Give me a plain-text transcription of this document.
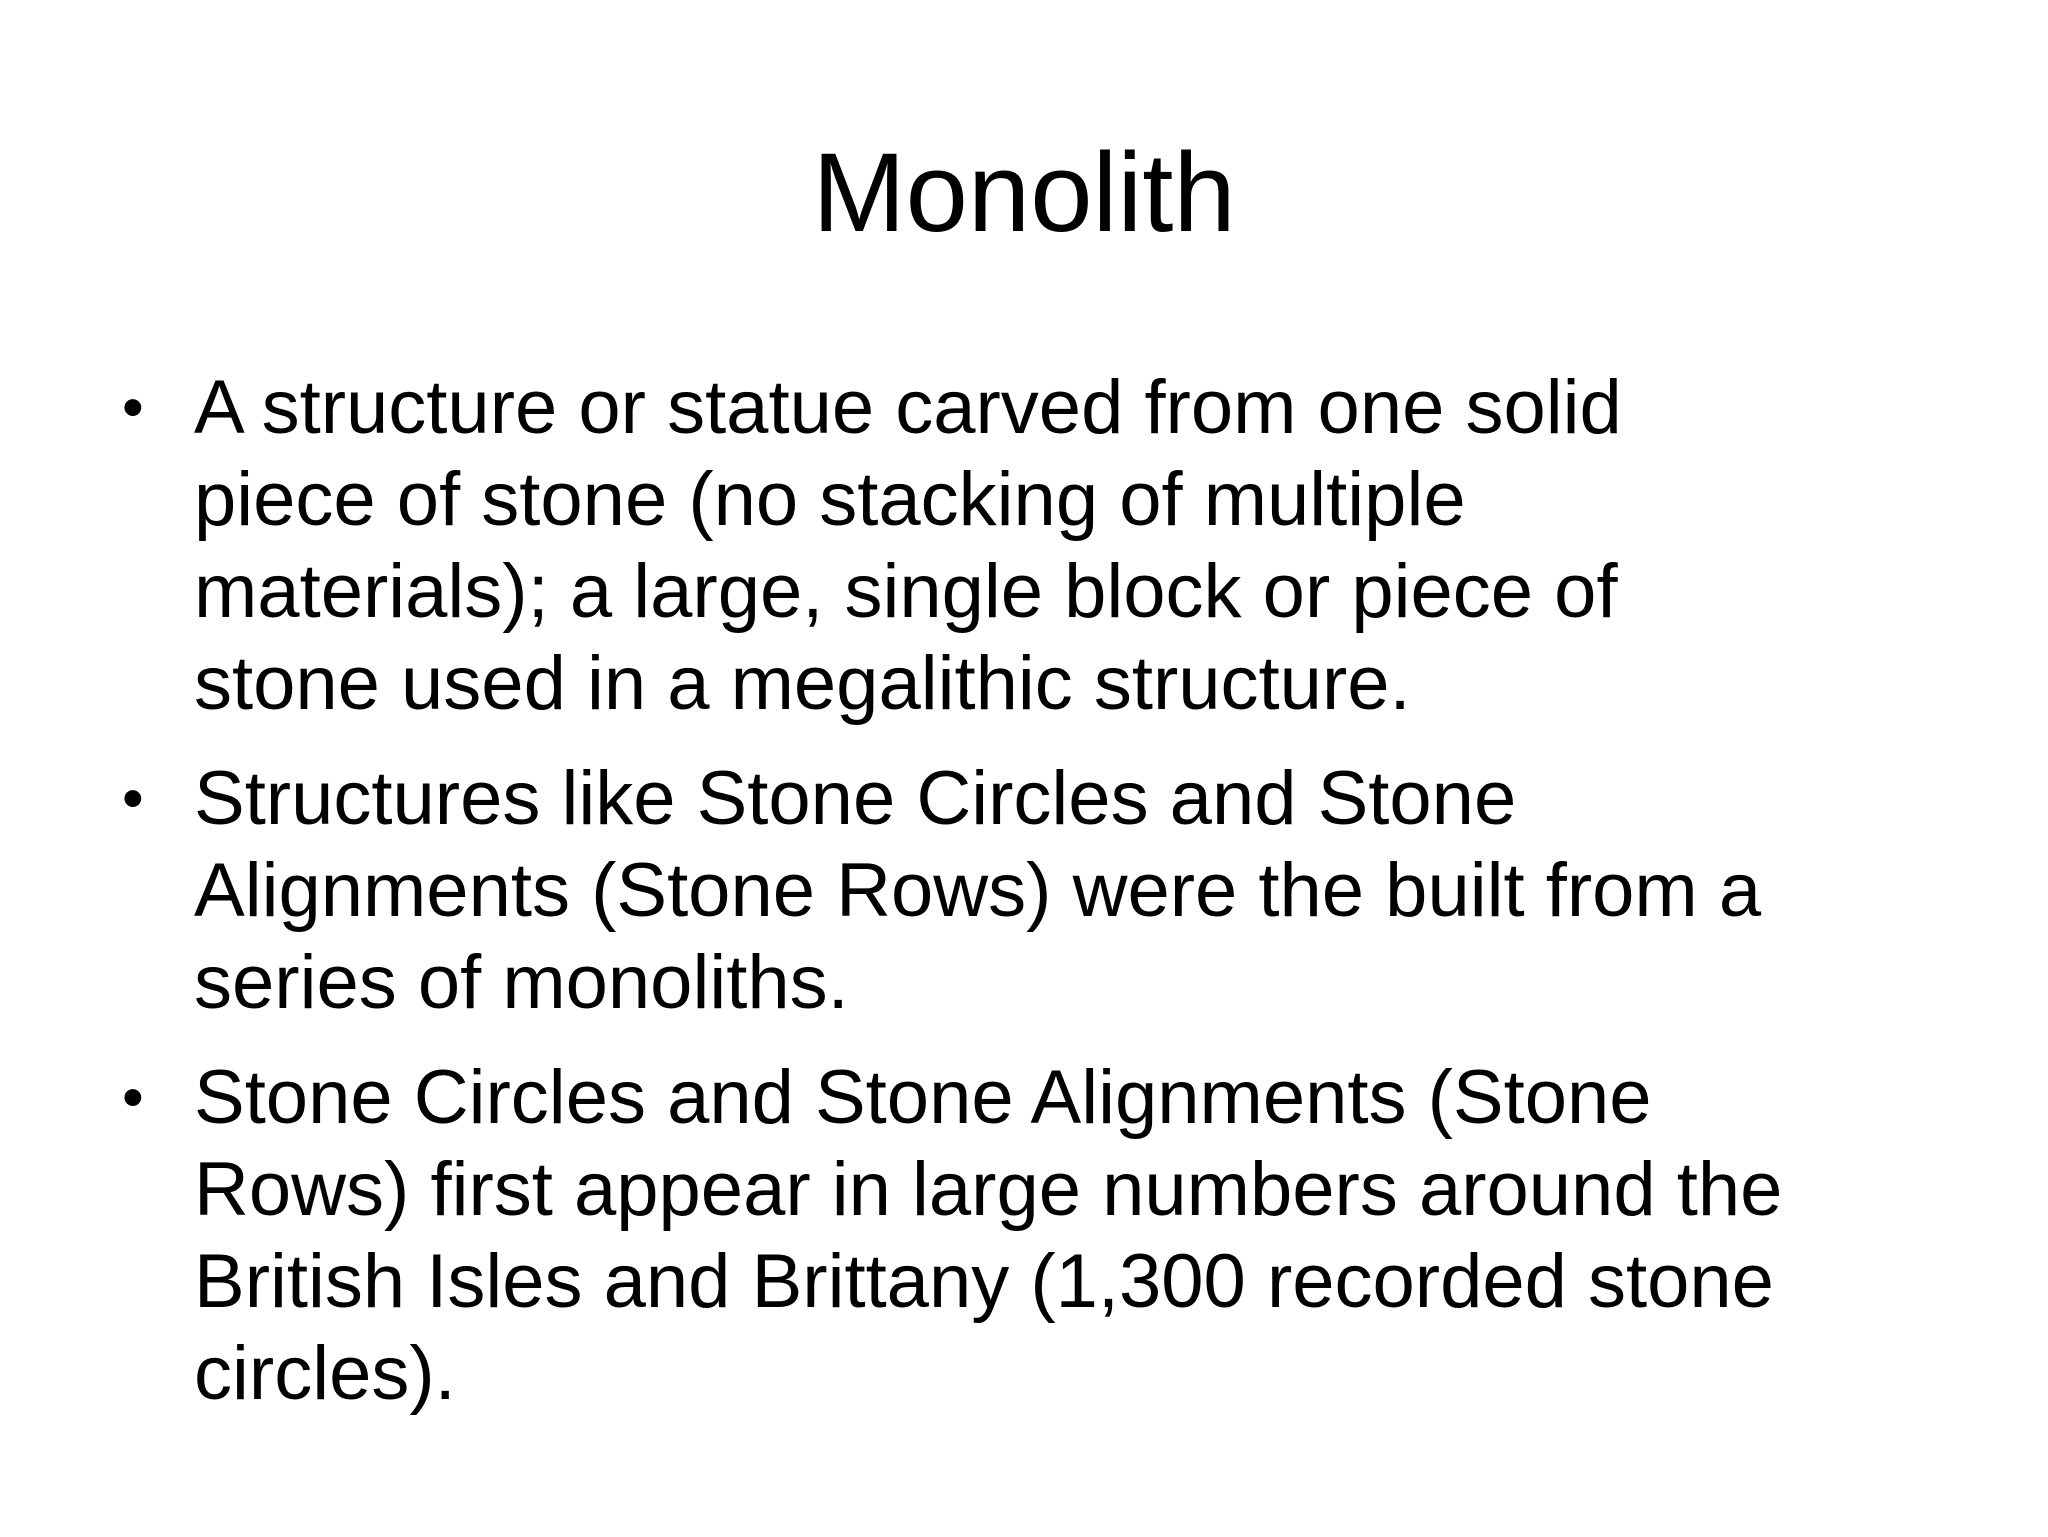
Monolith
• A structure or statue carved from one solid
piece of stone (no stacking of multiple
materials); a large, single block or piece of
stone used in a megalithic structure.
• Structures like Stone Circles and Stone
Alignments (Stone Rows) were the built from a
series of monoliths.
• Stone Circles and Stone Alignments (Stone
Rows) first appear in large numbers around the
British Isles and Brittany (1,300 recorded stone
circles).
